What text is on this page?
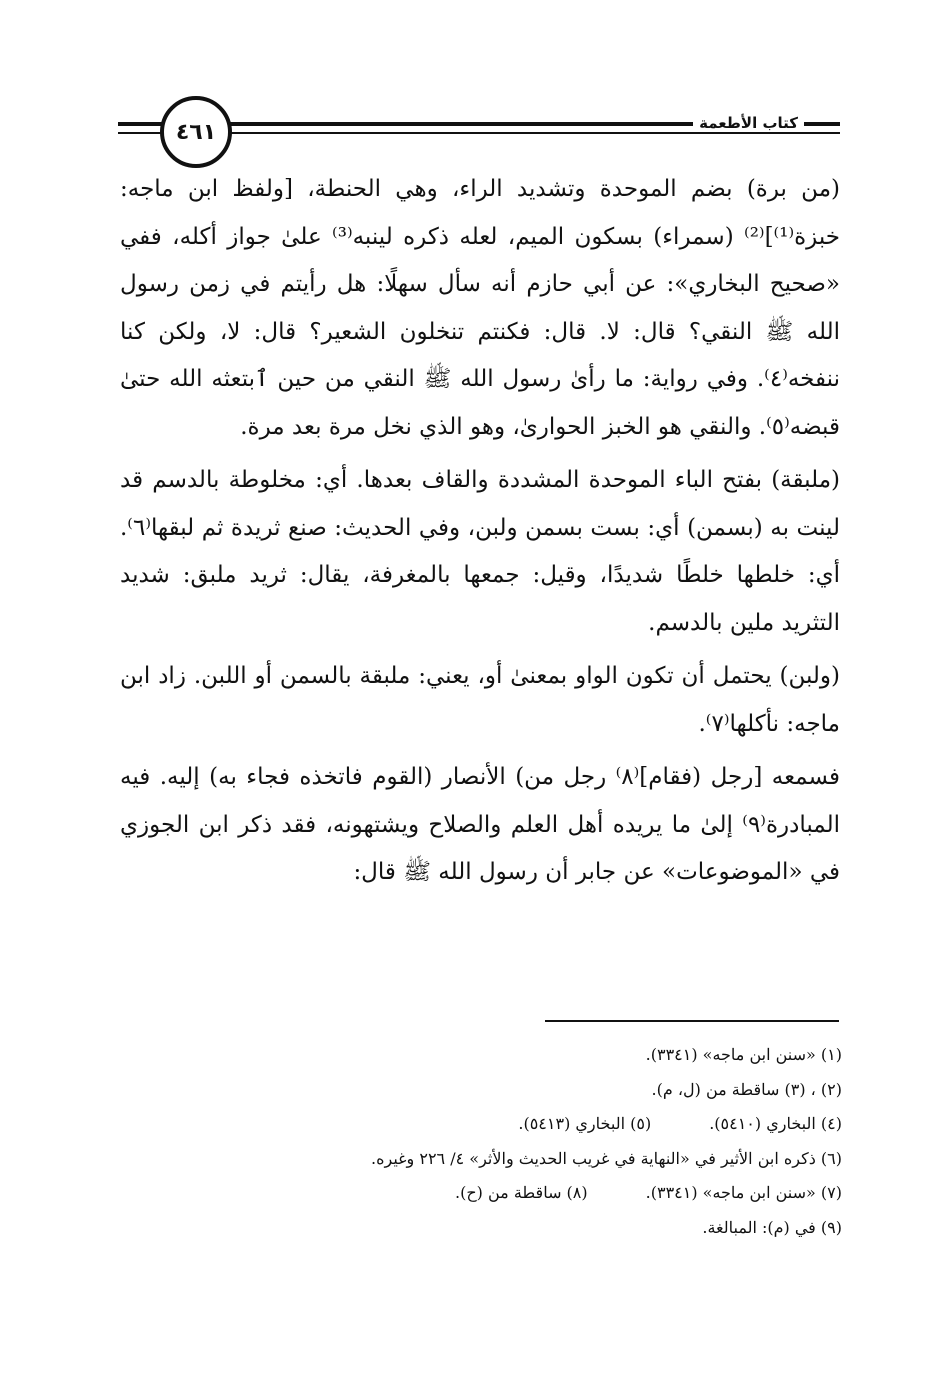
٤٦١	كتاب الأطعمة

(من برة) بضم الموحدة وتشديد الراء، وهي الحنطة، [ولفظ ابن ماجه: خبزة⁽¹⁾]⁽²⁾ (سمراء) بسكون الميم، لعله ذكره لينبه⁽³⁾ علىٰ جواز أكله، ففي «صحيح البخاري»: عن أبي حازم أنه سأل سهلًا: هل رأيتم في زمن رسول الله ﷺ النقي؟ قال: لا. قال: فكنتم تنخلون الشعير؟ قال: لا، ولكن كنا ننفخه⁽٤⁾. وفي رواية: ما رأىٰ رسول الله ﷺ النقي من حين ٱبتعثه الله حتىٰ قبضه⁽٥⁾. والنقي هو الخبز الحوارىٰ، وهو الذي نخل مرة بعد مرة.

(ملبقة) بفتح الباء الموحدة المشددة والقاف بعدها. أي: مخلوطة بالدسم قد لينت به (بسمن) أي: بست بسمن ولبن، وفي الحديث: صنع ثريدة ثم لبقها⁽٦⁾. أي: خلطها خلطًا شديدًا، وقيل: جمعها بالمغرفة، يقال: ثريد ملبق: شديد التثريد ملين بالدسم.

(ولبن) يحتمل أن تكون الواو بمعنىٰ أو، يعني: ملبقة بالسمن أو اللبن. زاد ابن ماجه: نأكلها⁽٧⁾.

فسمعه [رجل (فقام]⁽٨⁾ رجل من) الأنصار (القوم فاتخذه فجاء به) إليه. فيه المبادرة⁽٩⁾ إلىٰ ما يريده أهل العلم والصلاح ويشتهونه، فقد ذكر ابن الجوزي في «الموضوعات» عن جابر أن رسول الله ﷺ قال:

(١) «سنن ابن ماجه» (٣٣٤١).
(٢) ، (٣) ساقطة من (ل، م).
(٤) البخاري (٥٤١٠).
(٥) البخاري (٥٤١٣).
(٦) ذكره ابن الأثير في «النهاية في غريب الحديث والأثر» ٤/ ٢٢٦ وغيره.
(٧) «سنن ابن ماجه» (٣٣٤١).
(٨) ساقطة من (ح).
(٩) في (م): المبالغة.
